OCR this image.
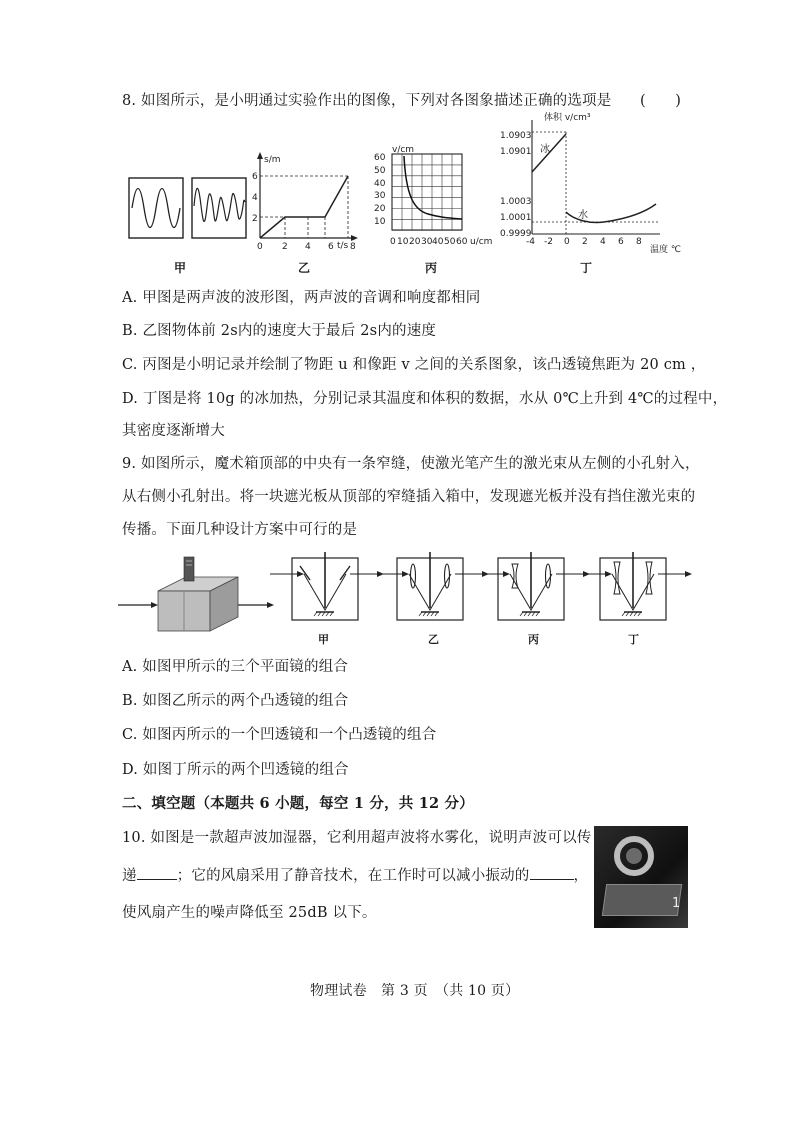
8. 如图所示，是小明通过实验作出的图像，下列对各图象描述正确的选项是 (　　)
甲
s/m
t/s
6
4
2
0 2 4 6 8
乙
v/cm
u/cm
60
50
40
30
20
10
0 10 20 30 40 50 60
丙
体积 v/cm³
温度 ℃
1.0903
1.0901
1.0003
1.0001
0.9999
-4 -2 0 2 4 6 8
冰
水
丁
A. 甲图是两声波的波形图，两声波的音调和响度都相同
B. 乙图物体前 2s内的速度大于最后 2s内的速度
C. 丙图是小明记录并绘制了物距 u 和像距 v 之间的关系图象，该凸透镜焦距为 20 cm ，
D. 丁图是将 10g 的冰加热，分别记录其温度和体积的数据，水从 0℃上升到 4℃的过程中，
其密度逐渐增大
9. 如图所示，魔术箱顶部的中央有一条窄缝，使激光笔产生的激光束从左侧的小孔射入，
从右侧小孔射出。将一块遮光板从顶部的窄缝插入箱中，发现遮光板并没有挡住激光束的
传播。下面几种设计方案中可行的是
甲	乙	丙	丁
A. 如图甲所示的三个平面镜的组合
B. 如图乙所示的两个凸透镜的组合
C. 如图丙所示的一个凹透镜和一个凸透镜的组合
D. 如图丁所示的两个凹透镜的组合
二、填空题（本题共 6 小题，每空 1 分，共 12 分）
10. 如图是一款超声波加湿器，它利用超声波将水雾化，说明声波可以传
递	；它的风扇采用了静音技术，在工作时可以减小振动的	，
使风扇产生的噪声降低至 25dB 以下。
1
物理试卷　第 3 页　（共 10 页）
